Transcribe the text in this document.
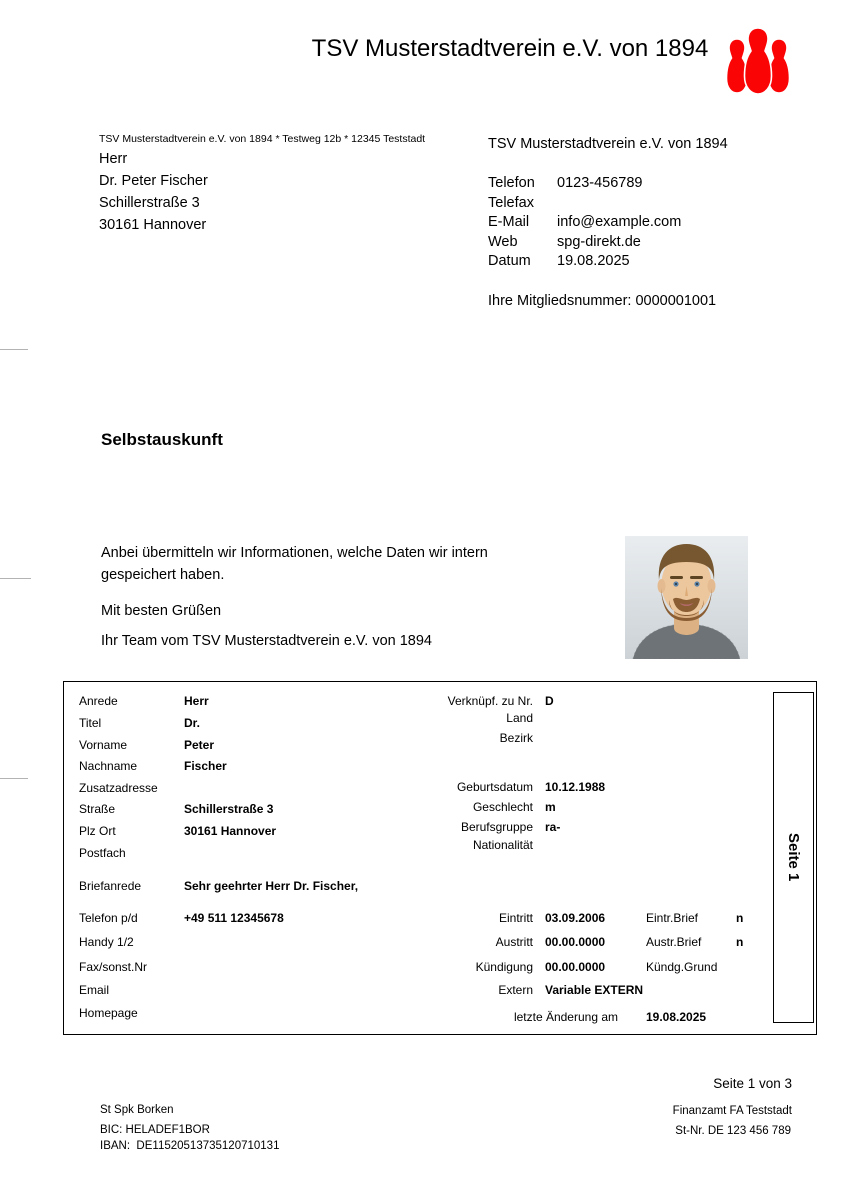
TSV Musterstadtverein e.V. von 1894
TSV Musterstadtverein e.V. von 1894 * Testweg 12b * 12345 Teststadt
Herr
Dr. Peter Fischer
Schillerstraße 3
30161 Hannover
TSV Musterstadtverein e.V. von 1894
Telefon	0123-456789
Telefax
E-Mail	info@example.com
Web	spg-direkt.de
Datum	19.08.2025
Ihre Mitgliedsnummer: 0000001001
Selbstauskunft
Anbei übermitteln wir Informationen, welche Daten wir intern
gespeichert haben.
Mit besten Grüßen
Ihr Team vom TSV Musterstadtverein e.V. von 1894
Anrede	Herr
Titel	Dr.
Vorname	Peter
Nachname	Fischer
Zusatzadresse
Straße	Schillerstraße 3
Plz Ort	30161 Hannover
Postfach
Briefanrede	Sehr geehrter Herr Dr. Fischer,
Telefon p/d	+49 511 12345678
Handy 1/2
Fax/sonst.Nr
Email
Homepage
Verknüpf. zu Nr. D
Land
Bezirk
Geburtsdatum 10.12.1988
Geschlecht m
Berufsgruppe ra-
Nationalität
Eintritt 03.09.2006	Eintr.Brief	n
Austritt 00.00.0000	Austr.Brief	n
Kündigung 00.00.0000	Kündg.Grund
Extern Variable EXTERN
letzte Änderung am 19.08.2025
Seite 1
Seite 1 von 3
St Spk Borken
BIC: HELADEF1BOR
IBAN:  DE11520513735120710131
Finanzamt FA Teststadt
St-Nr. DE 123 456 789
